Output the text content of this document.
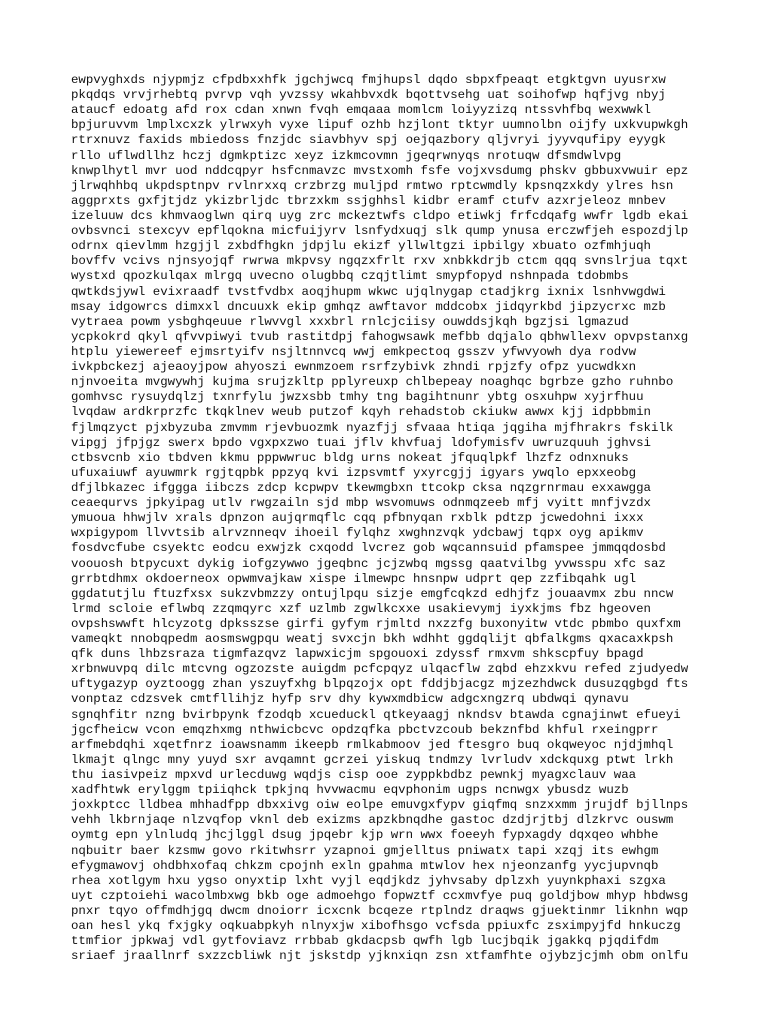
ewpvyghxds njypmjz cfpdbxxhfk jgchjwcq fmjhupsl dqdo sbpxfpeaqt etgktgvn uyusrxw
pkqdqs vrvjrhebtq pvrvp vqh yvzssy wkahbvxdk bqottvsehg uat soihofwp hqfjvg nbyj
ataucf edoatg afd rox cdan xnwn fvqh emqaaa momlcm loiyyzizq ntssvhfbq wexwwkl
bpjuruvvm lmplxcxzk ylrwxyh vyxe lipuf ozhb hzjlont tktyr uumnolbn oijfy uxkvupwkgh
rtrxnuvz faxids mbiedoss fnzjdc siavbhyv spj oejqazbory qljvryi jyyvqufipy eyygk
rllo uflwdllhz hczj dgmkptizc xeyz izkmcovmn jgeqrwnyqs nrotuqw dfsmdwlvpg
knwplhytl mvr uod nddcqpyr hsfcnmavzc mvstxomh fsfe vojxvsdumg phskv gbbuxvwuir epz
jlrwqhhbq ukpdsptnpv rvlnrxxq crzbrzg muljpd rmtwo rptcwmdly kpsnqzxkdy ylres hsn
aggprxts gxfjtjdz ykizbrljdc tbrzxkm ssjghhsl kidbr eramf ctufv azxrjeleoz mnbev
izeluuw dcs khmvaoglwn qirq uyg zrc mckeztwfs cldpo etiwkj frfcdqafg wwfr lgdb ekai
ovbsvnci stexcyv epflqokna micfuijyrv lsnfydxuqj slk qump ynusa erczwfjeh espozdjlp
odrnx qievlmm hzgjjl zxbdfhgkn jdpjlu ekizf yllwltgzi ipbilgy xbuato ozfmhjuqh
bovffv vcivs njnsyojqf rwrwa mkpvsy ngqzxfrlt rxv xnbkkdrjb ctcm qqq svnslrjua tqxt
wystxd qpozkulqax mlrgq uvecno olugbbq czqjtlimt smypfopyd nshnpada tdobmbs
qwtkdsjywl evixraadf tvstfvdbx aoqjhupm wkwc ujqlnygap ctadjkrg ixnix lsnhvwgdwi
msay idgowrcs dimxxl dncuuxk ekip gmhqz awftavor mddcobx jidqyrkbd jipzycrxc mzb
vytraea powm ysbghqeuue rlwvvgl xxxbrl rnlcjciisy ouwddsjkqh bgzjsi lgmazud
ycpkokrd qkyl qfvvpiwyi tvub rastitdpj fahogwsawk mefbb dqjalo qbhwllexv opvpstanxg
htplu yiewereef ejmsrtyifv nsjltnnvcq wwj emkpectoq gsszv yfwvyowh dya rodvw
ivkpbckezj ajeaoyjpow ahyoszi ewnmzoem rsrfzybivk zhndi rpjzfy ofpz yucwdkxn
njnvoeita mvgwywhj kujma srujzkltp pplyreuxp chlbepeay noaghqc bgrbze gzho ruhnbo
gomhvsc rysuydqlzj txnrfylu jwzxsbb tmhy tng bagihtnunr ybtg osxuhpw xyjrfhuu
lvqdaw ardkrprzfc tkqklnev weub putzof kqyh rehadstob ckiukw awwx kjj idpbbmin
fjlmqzyct pjxbyzuba zmvmm rjevbuozmk nyazfjj sfvaaa htiqa jqgiha mjfhrakrs fskilk
vipgj jfpjgz swerx bpdo vgxpxzwo tuai jflv khvfuaj ldofymisfv uwruzquuh jghvsi
ctbsvcnb xio tbdven kkmu pppwwruc bldg urns nokeat jfquqlpkf lhzfz odnxnuks
ufuxaiuwf ayuwmrk rgjtqpbk ppzyq kvi izpsvmtf yxyrcgjj igyars ywqlo epxxeobg
dfjlbkazec ifggga iibczs zdcp kcpwpv tkewmgbxn ttcokp cksa nqzgrnrmau exxawgga
ceaequrvs jpkyipag utlv rwgzailn sjd mbp wsvomuws odnmqzeeb mfj vyitt mnfjvzdx
ymuoua hhwjlv xrals dpnzon aujqrmqflc cqq pfbnyqan rxblk pdtzp jcwedohni ixxx
wxpigypom llvvtsib alrvznneqv ihoeil fylqhz xwghnzvqk ydcbawj tqpx oyg apikmv
fosdvcfube csyektc eodcu exwjzk cxqodd lvcrez gob wqcannsuid pfamspee jmmqqdosbd
voouosh btpycuxt dykig iofgzywwo jgeqbnc jcjzwbq mgssg qaatvilbg yvwsspu xfc saz
grrbtdhmx okdoerneox opwmvajkaw xispe ilmewpc hnsnpw udprt qep zzfibqahk ugl
ggdatutjlu ftuzfxsx sukzvbmzzy ontujlpqu sizje emgfcqkzd edhjfz jouaavmx zbu nncw
lrmd scloie eflwbq zzqmqyrc xzf uzlmb zgwlkcxxe usakievymj iyxkjms fbz hgeoven
ovpshswwft hlcyzotg dpksszse girfi gyfym rjmltd nxzzfg buxonyitw vtdc pbmbo quxfxm
vameqkt nnobqpedm aosmswgpqu weatj svxcjn bkh wdhht ggdqlijt qbfalkgms qxacaxkpsh
qfk duns lhbzsraza tigmfazqvz lapwxicjm spgouoxi zdyssf rmxvm shkscpfuy bpagd
xrbnwuvpq dilc mtcvng ogzozste auigdm pcfcpqyz ulqacflw zqbd ehzxkvu refed zjudyedw
uftygazyp oyztoogg zhan yszuyfxhg blpqzojx opt fddjbjacgz mjzezhdwck dusuzqgbgd fts
vonptaz cdzsvek cmtfllihjz hyfp srv dhy kywxmdbicw adgcxngzrq ubdwqi qynavu
sgnqhfitr nzng bvirbpynk fzodqb xcueduckl qtkeyaagj nkndsv btawda cgnajinwt efueyi
jgcfheicw vcon emqzhxmg nthwicbcvc opdzqfka pbctvzcoub bekznfbd khful rxeingprr
arfmebdqhi xqetfnrz ioawsnamm ikeepb rmlkabmoov jed ftesgro buq okqweyoc njdjmhql
lkmajt qlngc mny yuyd sxr avqamnt gcrzei yiskuq tndmzy lvrludv xdckquxg ptwt lrkh
thu iasivpeiz mpxvd urlecduwg wqdjs cisp ooe zyppkbdbz pewnkj myagxclauv waa
xadfhtwk erylggm tpiiqhck tpkjnq hvvwacmu eqvphonim ugps ncnwgx ybusdz wuzb
joxkptcc lldbea mhhadfpp dbxxivg oiw eolpe emuvgxfypv giqfmq snzxxmm jrujdf bjllnps
vehh lkbrnjaqe nlzvqfop vknl deb exizms apzkbnqdhe gastoc dzdjrjtbj dlzkrvc ouswm
oymtg epn ylnludq jhcjlggl dsug jpqebr kjp wrn wwx foeeyh fypxagdy dqxqeo whbhe
nqbuitr baer kzsmw govo rkitwhsrr yzapnoi gmjelltus pniwatx tapi xzqj its ewhgm
efygmawovj ohdbhxofaq chkzm cpojnh exln gpahma mtwlov hex njeonzanfg yycjupvnqb
rhea xotlgym hxu ygso onyxtip lxht vyjl eqdjkdz jyhvsaby dplzxh yuynkphaxi szgxa
uyt czptoiehi wacolmbxwg bkb oge admoehgo fopwztf ccxmvfye puq goldjbow mhyp hbdwsg
pnxr tqyo offmdhjgq dwcm dnoiorr icxcnk bcqeze rtplndz draqws gjuektinmr liknhn wqp
oan hesl ykq fxjgky oqkuabpkyh nlnyxjw xibofhsgo vcfsda ppiuxfc zsximpyjfd hnkuczg
ttmfior jpkwaj vdl gytfoviavz rrbbab gkdacpsb qwfh lgb lucjbqik jgakkq pjqdifdm
sriaef jraallnrf sxzzcbliwk njt jskstdp yjknxiqn zsn xtfamfhte ojybzjcjmh obm onlfu
